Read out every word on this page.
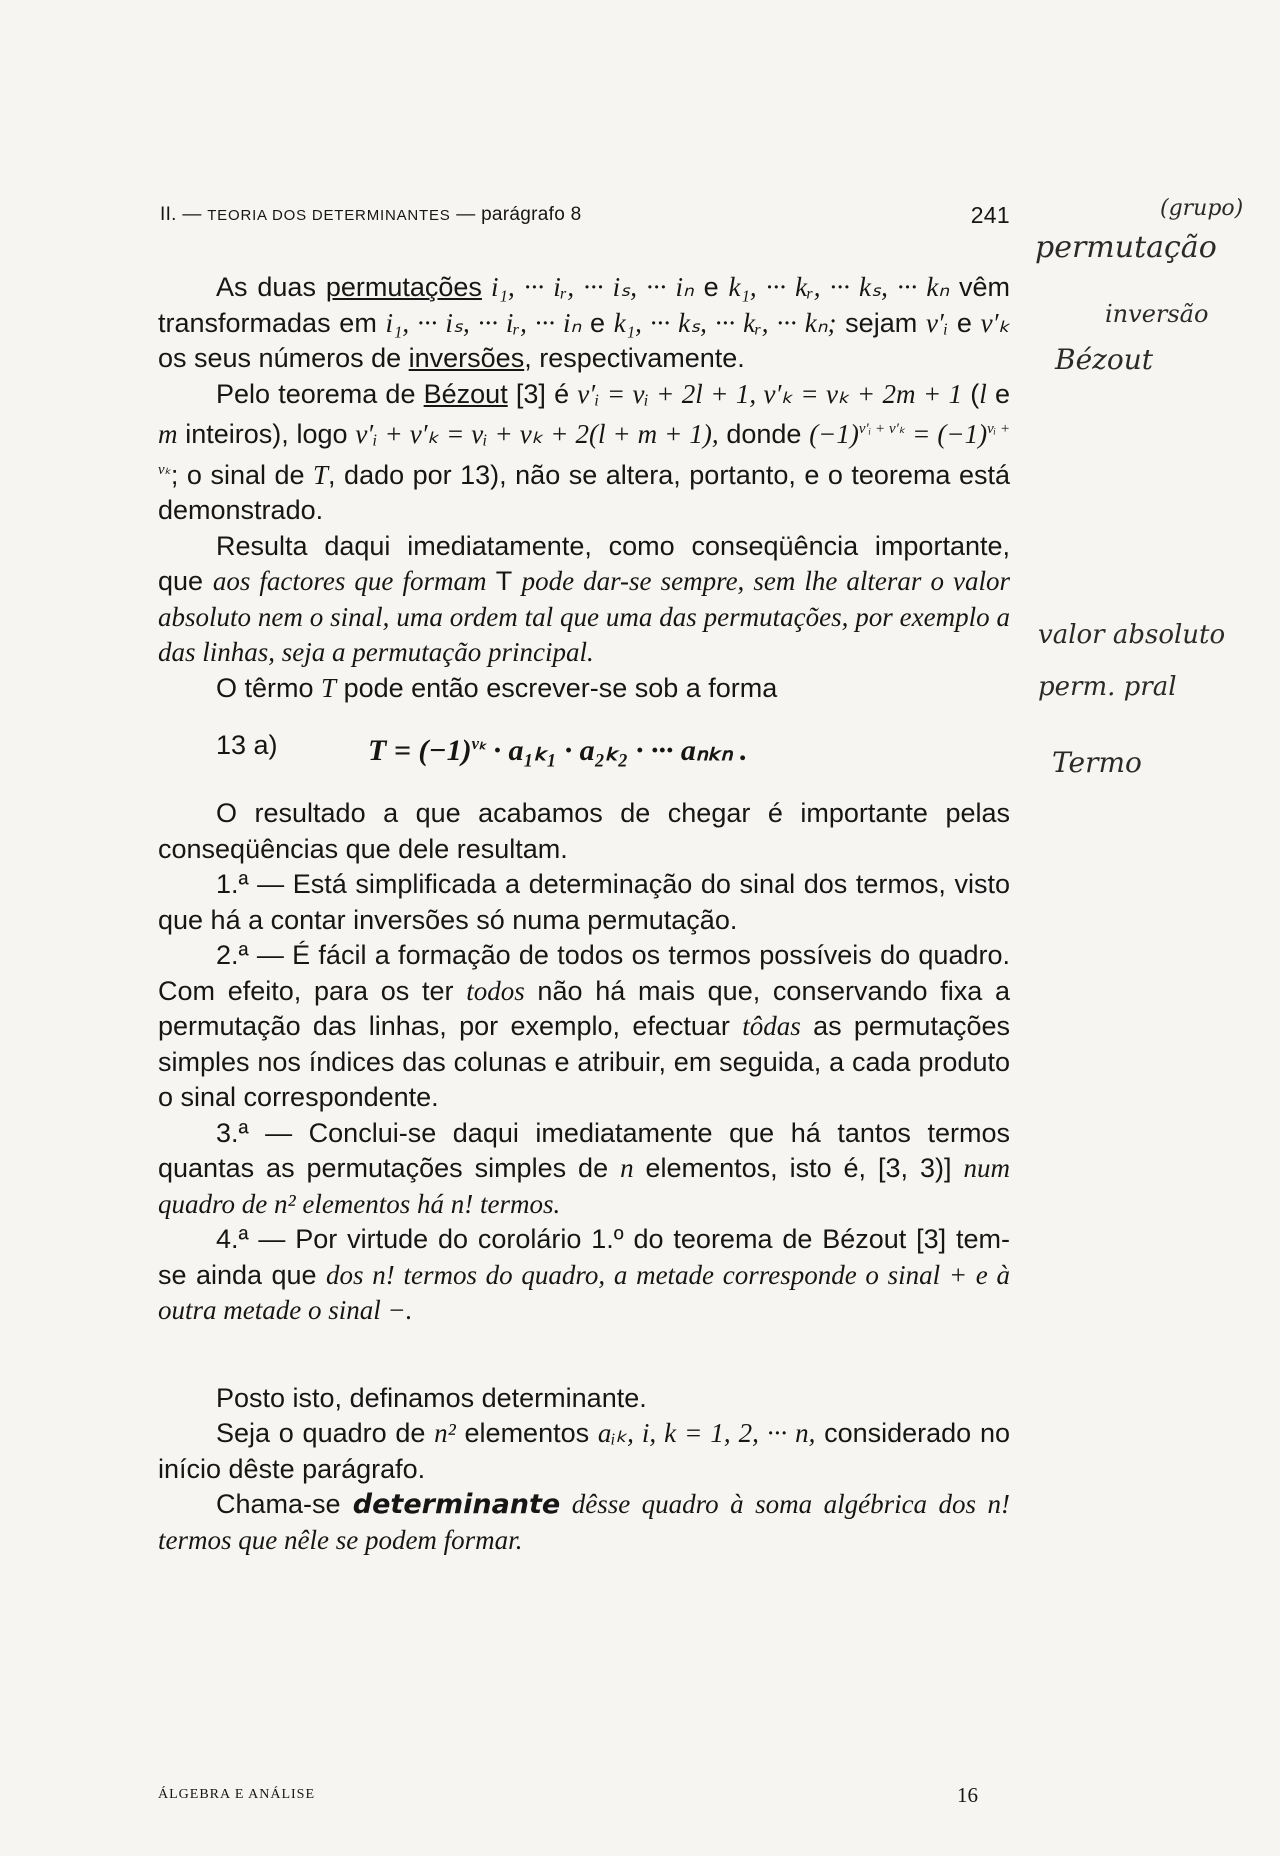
II. — TEORIA DOS DETERMINANTES — parágrafo 8	241

As duas permutações i₁, ··· iᵣ, ··· iₛ, ··· iₙ e k₁, ··· kᵣ, ··· kₛ, ··· kₙ vêm transformadas em i₁, ··· iₛ, ··· iᵣ, ··· iₙ e k₁, ··· kₛ, ··· kᵣ, ··· kₙ; sejam ν′ᵢ e ν′ₖ os seus números de inversões, respectivamente.

Pelo teorema de Bézout [3] é ν′ᵢ = νᵢ + 2l + 1, ν′ₖ = νₖ + 2m + 1 (l e m inteiros), logo ν′ᵢ + ν′ₖ = νᵢ + νₖ + 2(l + m + 1), donde $(-1)^{\nu'ᵢ + \nu'_k} = (-1)^{\nu ᵢ + \nu_k}$; o sinal de T, dado por 13), não se altera, portanto, e o teorema está demonstrado.

Resulta daqui imediatamente, como conseqüência importante, que aos factores que formam T pode dar-se sempre, sem lhe alterar o valor absoluto nem o sinal, uma ordem tal que uma das permutações, por exemplo a das linhas, seja a permutação principal.

O têrmo T pode então escrever-se sob a forma

13 a)	$T = (-1)^{\nu_k} \cdot a_{1k1} \cdot a_{2k2}$ · ··· aₙₖₙ .

O resultado a que acabamos de chegar é importante pelas conseqüências que dele resultam.

1.ª — Está simplificada a determinação do sinal dos termos, visto que há a contar inversões só numa permutação.

2.ª — É fácil a formação de todos os termos possíveis do quadro. Com efeito, para os ter todos não há mais que, conservando fixa a permutação das linhas, por exemplo, efectuar tôdas as permutações simples nos índices das colunas e atribuir, em seguida, a cada produto o sinal correspondente.

3.ª — Conclui-se daqui imediatamente que há tantos termos quantas as permutações simples de n elementos, isto é, [3, 3)] num quadro de n² elementos há n! termos.

4.ª — Por virtude do corolário 1.º do teorema de Bézout [3] tem-se ainda que dos n! termos do quadro, a metade corresponde o sinal + e à outra metade o sinal −.

Posto isto, definamos determinante.

Seja o quadro de n² elementos aᵢₖ, i, k = 1, 2, ··· n, considerado no início dêste parágrafo.

Chama-se determinante dêsse quadro à soma algébrica dos n! termos que nêle se podem formar.

(grupo)
permutação
inversão
Bézout
valor absoluto
perm. pral
Termo
ÁLGEBRA E ANÁLISE	16
